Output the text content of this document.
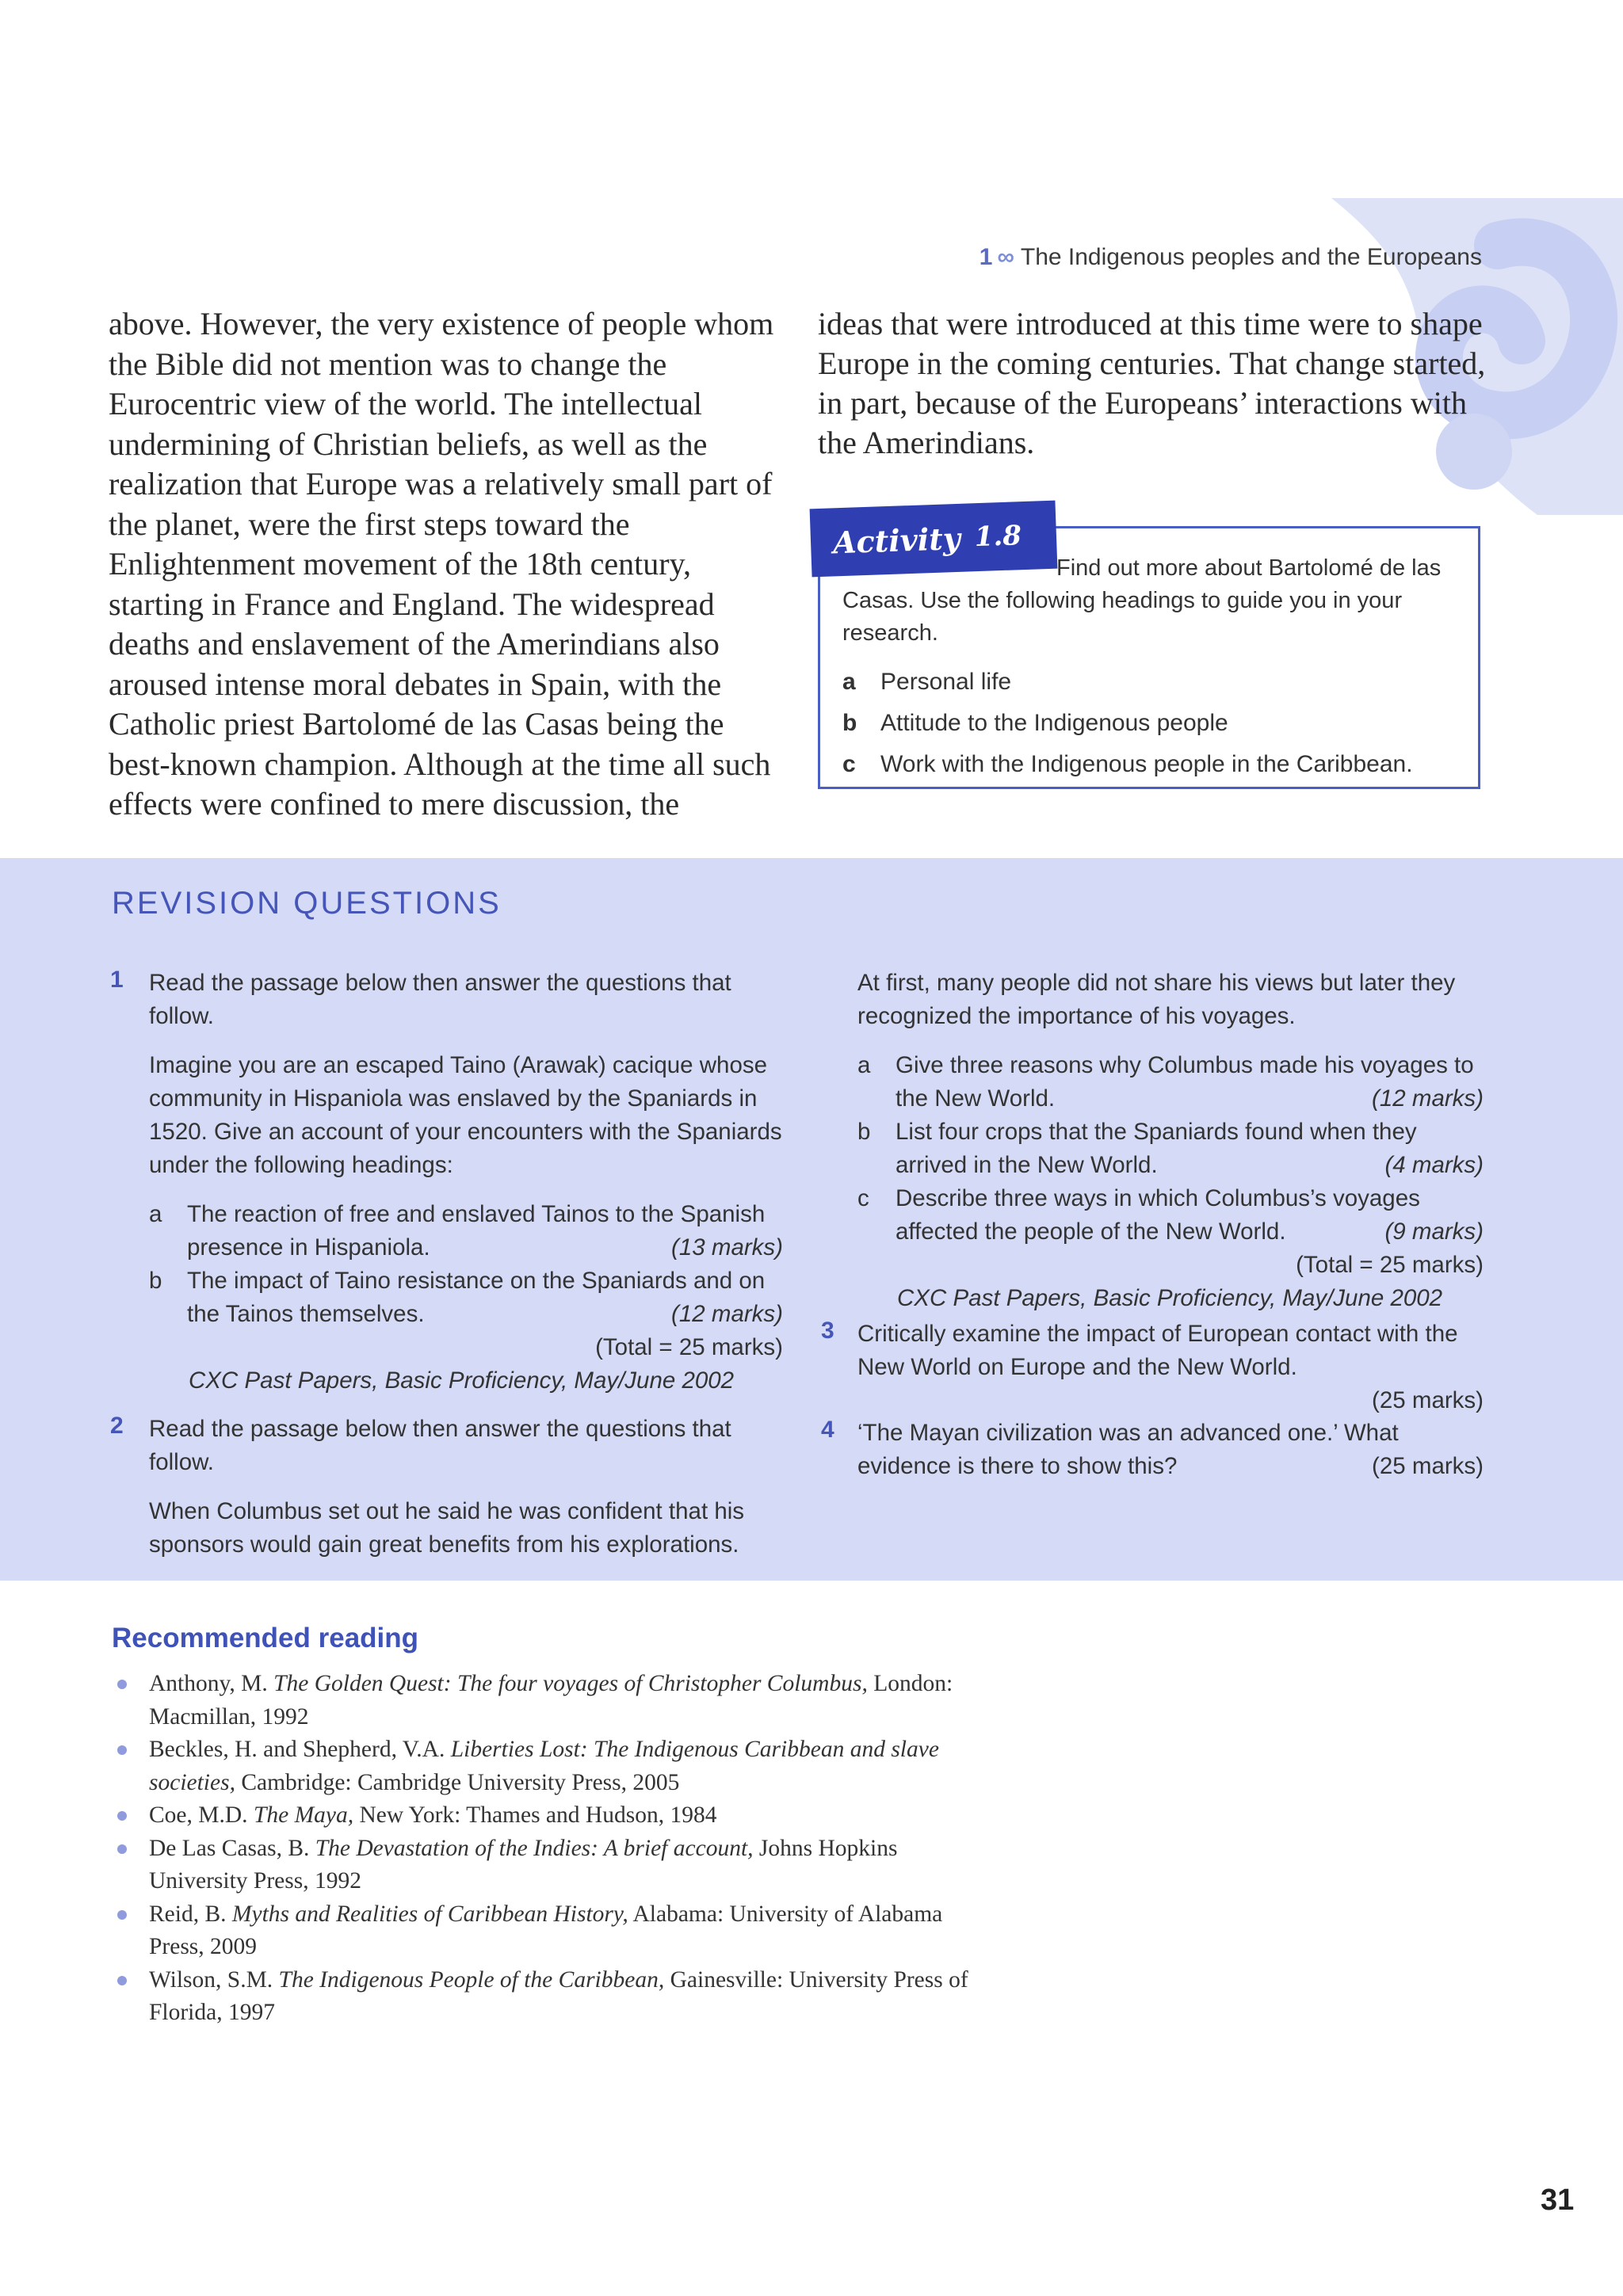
1 ∞ The Indigenous peoples and the Europeans
above. However, the very existence of people whom the Bible did not mention was to change the Eurocentric view of the world. The intellectual undermining of Christian beliefs, as well as the realization that Europe was a relatively small part of the planet, were the first steps toward the Enlightenment movement of the 18th century, starting in France and England. The widespread deaths and enslavement of the Amerindians also aroused intense moral debates in Spain, with the Catholic priest Bartolomé de las Casas being the best-known champion. Although at the time all such effects were confined to mere discussion, the
ideas that were introduced at this time were to shape Europe in the coming centuries. That change started, in part, because of the Europeans’ interactions with the Amerindians.
Activity 1.8
Find out more about Bartolomé de las Casas. Use the following headings to guide you in your research.
a	Personal life
b Attitude to the Indigenous people
c	Work with the Indigenous people in the Caribbean.
REVISION QUESTIONS
1 Read the passage below then answer the questions that follow.
Imagine you are an escaped Taino (Arawak) cacique whose community in Hispaniola was enslaved by the Spaniards in 1520. Give an account of your encounters with the Spaniards under the following headings:
a	The reaction of free and enslaved Tainos to the Spanish presence in Hispaniola.	(13 marks)
b	The impact of Taino resistance on the Spaniards and on the Tainos themselves.	(12 marks)
(Total = 25 marks)
CXC Past Papers, Basic Proficiency, May/June 2002
2 Read the passage below then answer the questions that follow.
When Columbus set out he said he was confident that his sponsors would gain great benefits from his explorations.
At first, many people did not share his views but later they recognized the importance of his voyages.
a	Give three reasons why Columbus made his voyages to the New World.	(12 marks)
b	List four crops that the Spaniards found when they arrived in the New World.	(4 marks)
c	Describe three ways in which Columbus’s voyages affected the people of the New World.	(9 marks)
(Total = 25 marks)
CXC Past Papers, Basic Proficiency, May/June 2002
3 Critically examine the impact of European contact with the New World on Europe and the New World.
(25 marks)
4 ‘The Mayan civilization was an advanced one.’ What evidence is there to show this?	(25 marks)
Recommended reading
Anthony, M. The Golden Quest: The four voyages of Christopher Columbus, London: Macmillan, 1992
Beckles, H. and Shepherd, V.A. Liberties Lost: The Indigenous Caribbean and slave societies, Cambridge: Cambridge University Press, 2005
Coe, M.D. The Maya, New York: Thames and Hudson, 1984
De Las Casas, B. The Devastation of the Indies: A brief account, Johns Hopkins University Press, 1992
Reid, B. Myths and Realities of Caribbean History, Alabama: University of Alabama Press, 2009
Wilson, S.M. The Indigenous People of the Caribbean, Gainesville: University Press of Florida, 1997
31
